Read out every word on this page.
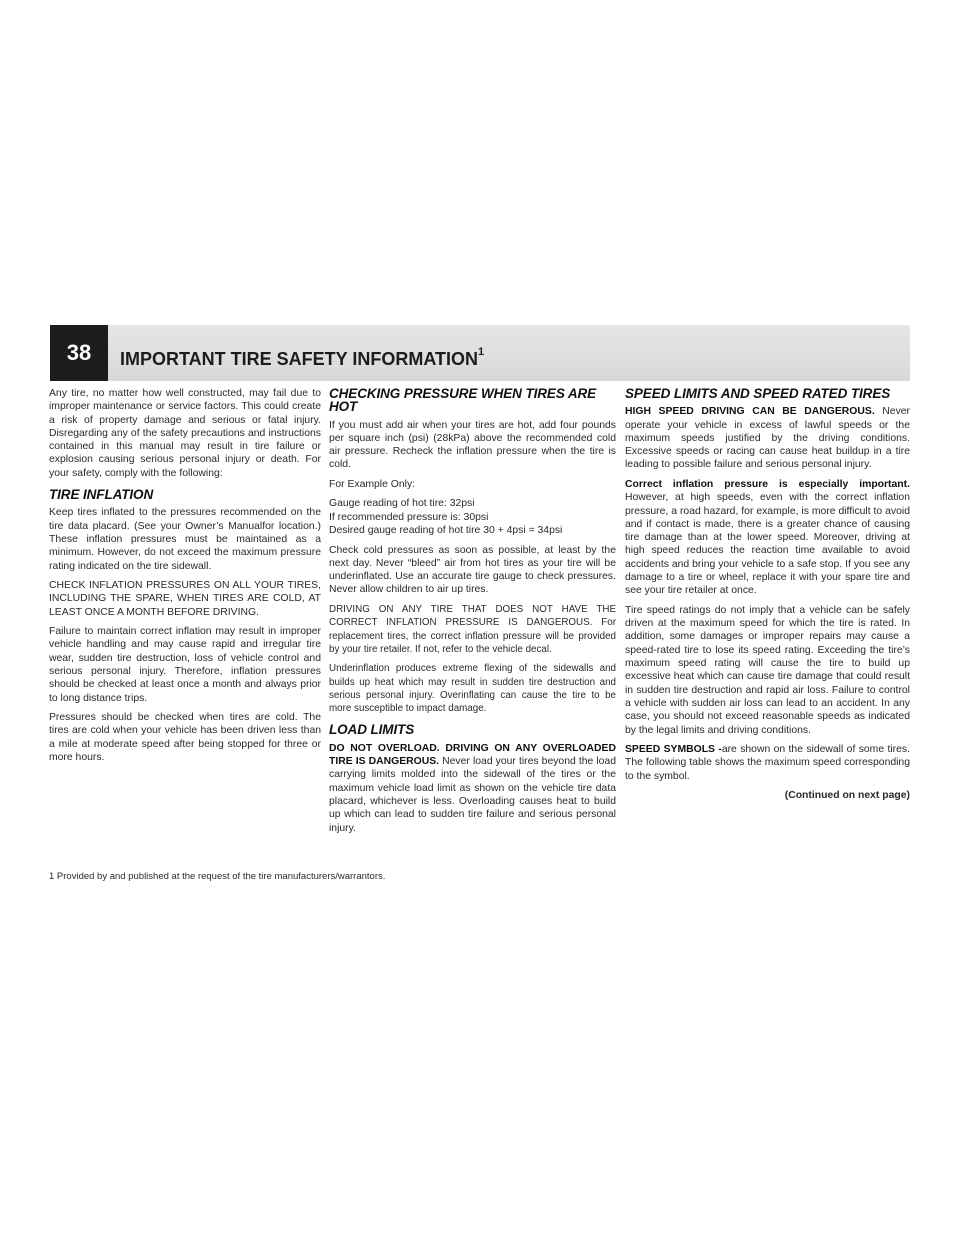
38	IMPORTANT TIRE SAFETY INFORMATION$^1$

Any tire, no matter how well constructed, may fail due to improper maintenance or service factors. This could create a risk of property damage and serious or fatal injury. Disregarding any of the safety precautions and instructions contained in this manual may result in tire failure or explosion causing serious personal injury or death. For your safety, comply with the following:

TIRE INFLATION

Keep tires inflated to the pressures recommended on the tire data placard. (See your Owner’s Manualfor location.) These inflation pressures must be maintained as a minimum. However, do not exceed the maximum pressure rating indicated on the tire sidewall.

CHECK INFLATION PRESSURES ON ALL YOUR TIRES, INCLUDING THE SPARE, WHEN TIRES ARE COLD, AT LEAST ONCE A MONTH BEFORE DRIVING.

Failure to maintain correct inflation may result in improper vehicle handling and may cause rapid and irregular tire wear, sudden tire destruction, loss of vehicle control and serious personal injury. Therefore, inflation pressures should be checked at least once a month and always prior to long distance trips.

Pressures should be checked when tires are cold. The tires are cold when your vehicle has been driven less than a mile at moderate speed after being stopped for three or more hours.

CHECKING PRESSURE WHEN TIRES ARE HOT

If you must add air when your tires are hot, add four pounds per square inch (psi) (28kPa) above the recommended cold air pressure. Recheck the inflation pressure when the tire is cold.

For Example Only:

Gauge reading of hot tire: 32psi
If recommended pressure is: 30psi
Desired gauge reading of hot tire 30 + 4psi = 34psi

Check cold pressures as soon as possible, at least by the next day. Never “bleed” air from hot tires as your tire will be underinflated. Use an accurate tire gauge to check pressures. Never allow children to air up tires.

DRIVING ON ANY TIRE THAT DOES NOT HAVE THE CORRECT INFLATION PRESSURE IS DANGEROUS. For replacement tires, the correct inflation pressure will be provided by your tire retailer. If not, refer to the vehicle decal.

Underinflation produces extreme flexing of the sidewalls and builds up heat which may result in sudden tire destruction and serious personal injury. Overinflating can cause the tire to be more susceptible to impact damage.

LOAD LIMITS

DO NOT OVERLOAD. DRIVING ON ANY OVERLOADED TIRE IS DANGEROUS. Never load your tires beyond the load carrying limits molded into the sidewall of the tires or the maximum vehicle load limit as shown on the vehicle tire data placard, whichever is less. Overloading causes heat to build up which can lead to sudden tire failure and serious personal injury.

SPEED LIMITS AND SPEED RATED TIRES

HIGH SPEED DRIVING CAN BE DANGEROUS. Never operate your vehicle in excess of lawful speeds or the maximum speeds justified by the driving conditions. Excessive speeds or racing can cause heat buildup in a tire leading to possible failure and serious personal injury.

Correct inflation pressure is especially important. However, at high speeds, even with the correct inflation pressure, a road hazard, for example, is more difficult to avoid and if contact is made, there is a greater chance of causing tire damage than at the lower speed. Moreover, driving at high speed reduces the reaction time available to avoid accidents and bring your vehicle to a safe stop. If you see any damage to a tire or wheel, replace it with your spare tire and see your tire retailer at once.

Tire speed ratings do not imply that a vehicle can be safely driven at the maximum speed for which the tire is rated. In addition, some damages or improper repairs may cause a speed-rated tire to lose its speed rating. Exceeding the tire’s maximum speed rating will cause the tire to build up excessive heat which can cause tire damage that could result in sudden tire destruction and rapid air loss. Failure to control a vehicle with sudden air loss can lead to an accident. In any case, you should not exceed reasonable speeds as indicated by the legal limits and driving conditions.

SPEED SYMBOLS -are shown on the sidewall of some tires. The following table shows the maximum speed corresponding to the symbol.

(Continued on next page)
1 Provided by and published at the request of the tire manufacturers/warrantors.
